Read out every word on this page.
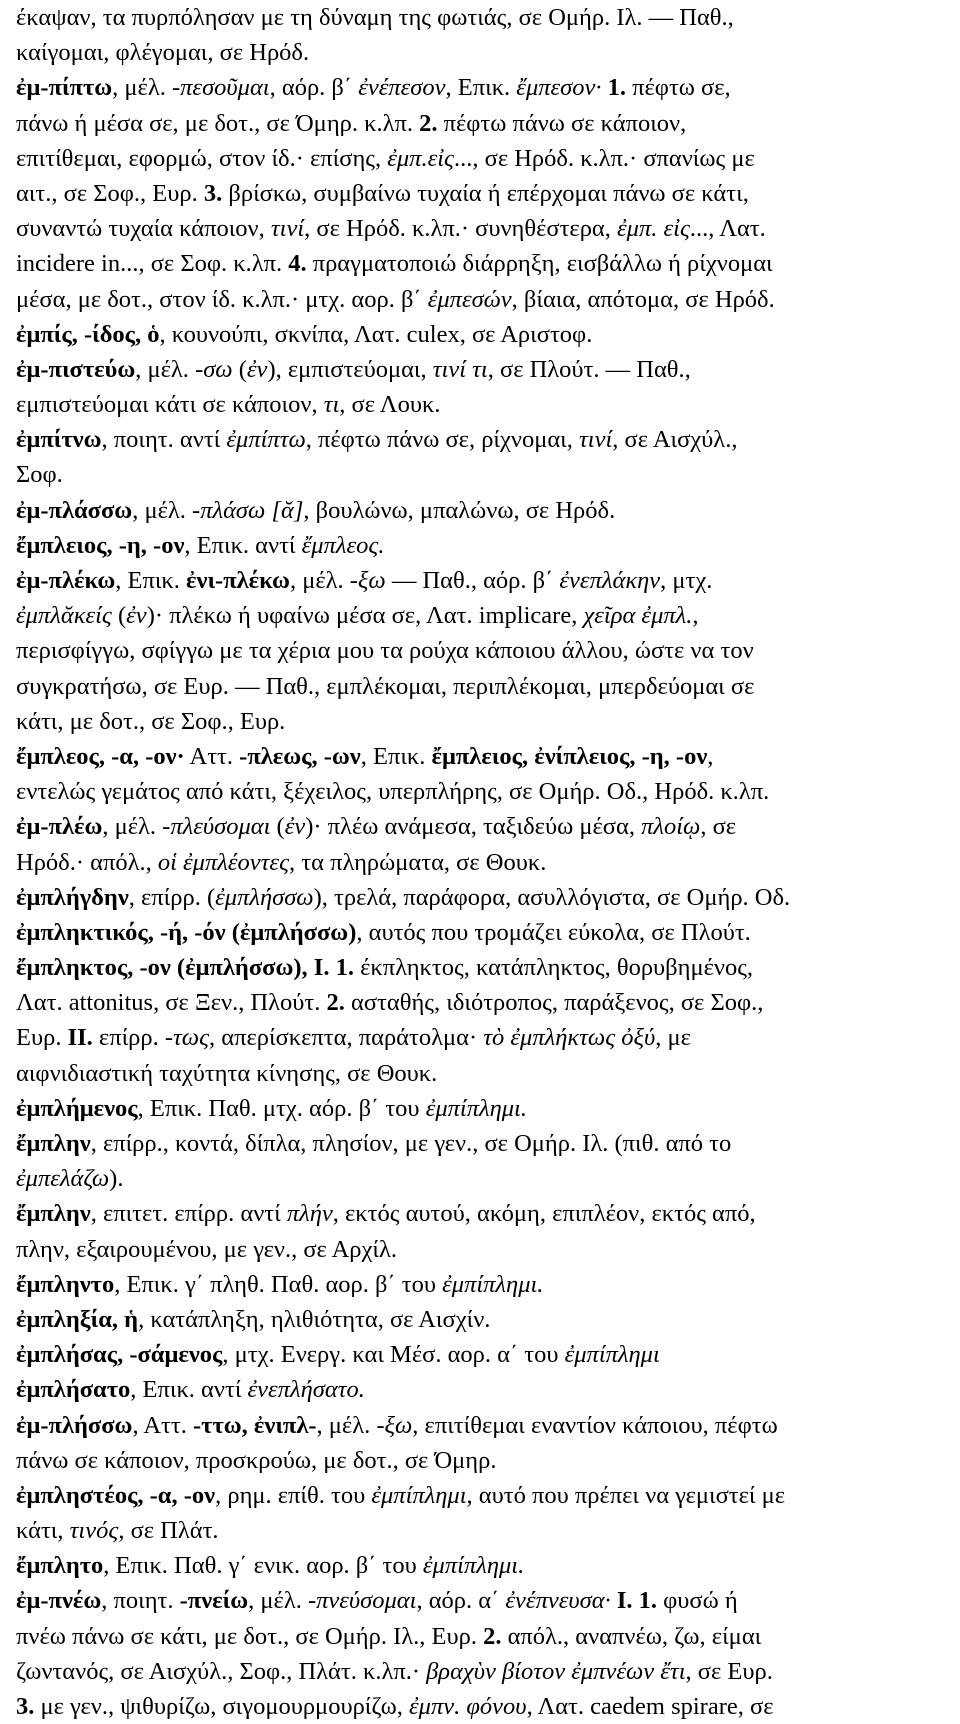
έκαψαν, τα πυρπόλησαν με τη δύναμη της φωτιάς, σε Ομήρ. Ιλ. — Παθ.,
καίγομαι, φλέγομαι, σε Ηρόδ.
ἐμ-πίπτω, μέλ. -πεσοῦμαι, αόρ. β΄ ἐνέπεσον, Επικ. ἔμπεσον· 1. πέφτω σε,
πάνω ή μέσα σε, με δοτ., σε Όμηρ. κ.λπ. 2. πέφτω πάνω σε κάποιον,
επιτίθεμαι, εφορμώ, στον ίδ.· επίσης, ἐμπ.εἰς..., σε Ηρόδ. κ.λπ.· σπανίως με
αιτ., σε Σοφ., Ευρ. 3. βρίσκω, συμβαίνω τυχαία ή επέρχομαι πάνω σε κάτι,
συναντώ τυχαία κάποιον, τινί, σε Ηρόδ. κ.λπ.· συνηθέστερα, ἐμπ. εἰς..., Λατ.
incidere in..., σε Σοφ. κ.λπ. 4. πραγματοποιώ διάρρηξη, εισβάλλω ή ρίχνομαι
μέσα, με δοτ., στον ίδ. κ.λπ.· μτχ. αορ. β΄ ἐμπεσών, βίαια, απότομα, σε Ηρόδ.
ἐμπίς, -ίδος, ὁ, κουνούπι, σκνίπα, Λατ. culex, σε Αριστοφ.
ἐμ-πιστεύω, μέλ. -σω (ἐν), εμπιστεύομαι, τινί τι, σε Πλούτ. — Παθ.,
εμπιστεύομαι κάτι σε κάποιον, τι, σε Λουκ.
ἐμπίτνω, ποιητ. αντί ἐμπίπτω, πέφτω πάνω σε, ρίχνομαι, τινί, σε Αισχύλ.,
Σοφ.
ἐμ-πλάσσω, μέλ. -πλάσω [ᾰ], βουλώνω, μπαλώνω, σε Ηρόδ.
ἔμπλειος, -η, -ον, Επικ. αντί ἔμπλεος.
ἐμ-πλέκω, Επικ. ἐνι-πλέκω, μέλ. -ξω — Παθ., αόρ. β΄ ἐνεπλάκην, μτχ.
ἐμπλᾰκείς (ἐν)· πλέκω ή υφαίνω μέσα σε, Λατ. implicare, χεῖρα ἐμπλ.,
περισφίγγω, σφίγγω με τα χέρια μου τα ρούχα κάποιου άλλου, ώστε να τον
συγκρατήσω, σε Ευρ. — Παθ., εμπλέκομαι, περιπλέκομαι, μπερδεύομαι σε
κάτι, με δοτ., σε Σοφ., Ευρ.
ἔμπλεος, -α, -ον· Αττ. -πλεως, -ων, Επικ. ἔμπλειος, ἐνίπλειος, -η, -ον,
εντελώς γεμάτος από κάτι, ξέχειλος, υπερπλήρης, σε Ομήρ. Οδ., Ηρόδ. κ.λπ.
ἐμ-πλέω, μέλ. -πλεύσομαι (ἐν)· πλέω ανάμεσα, ταξιδεύω μέσα, πλοίῳ, σε
Ηρόδ.· απόλ., οἱ ἐμπλέοντες, τα πληρώματα, σε Θουκ.
ἐμπλήγδην, επίρρ. (ἐμπλήσσω), τρελά, παράφορα, ασυλλόγιστα, σε Ομήρ. Οδ.
ἐμπληκτικός, -ή, -όν (ἐμπλήσσω), αυτός που τρομάζει εύκολα, σε Πλούτ.
ἔμπληκτος, -ον (ἐμπλήσσω), I. 1. έκπληκτος, κατάπληκτος, θορυβημένος,
Λατ. attonitus, σε Ξεν., Πλούτ. 2. ασταθής, ιδιότροπος, παράξενος, σε Σοφ.,
Ευρ. II. επίρρ. -τως, απερίσκεπτα, παράτολμα· τὸ ἐμπλήκτως ὀξύ, με
αιφνιδιαστική ταχύτητα κίνησης, σε Θουκ.
ἐμπλήμενος, Επικ. Παθ. μτχ. αόρ. β΄ του ἐμπίπλημι.
ἔμπλην, επίρρ., κοντά, δίπλα, πλησίον, με γεν., σε Ομήρ. Ιλ. (πιθ. από το
ἐμπελάζω).
ἔμπλην, επιτετ. επίρρ. αντί πλήν, εκτός αυτού, ακόμη, επιπλέον, εκτός από,
πλην, εξαιρουμένου, με γεν., σε Αρχίλ.
ἔμπληντο, Επικ. γ΄ πληθ. Παθ. αορ. β΄ του ἐμπίπλημι.
ἐμπληξία, ἡ, κατάπληξη, ηλιθιότητα, σε Αισχίν.
ἐμπλήσας, -σάμενος, μτχ. Ενεργ. και Μέσ. αορ. α΄ του ἐμπίπλημι
ἐμπλήσατο, Επικ. αντί ἐνεπλήσατο.
ἐμ-πλήσσω, Αττ. -ττω, ἐνιπλ-, μέλ. -ξω, επιτίθεμαι εναντίον κάποιου, πέφτω
πάνω σε κάποιον, προσκρούω, με δοτ., σε Όμηρ.
ἐμπληστέος, -α, -ον, ρημ. επίθ. του ἐμπίπλημι, αυτό που πρέπει να γεμιστεί με
κάτι, τινός, σε Πλάτ.
ἔμπλητο, Επικ. Παθ. γ΄ ενικ. αορ. β΄ του ἐμπίπλημι.
ἐμ-πνέω, ποιητ. -πνείω, μέλ. -πνεύσομαι, αόρ. α΄ ἐνέπνευσα· I. 1. φυσώ ή
πνέω πάνω σε κάτι, με δοτ., σε Ομήρ. Ιλ., Ευρ. 2. απόλ., αναπνέω, ζω, είμαι
ζωντανός, σε Αισχύλ., Σοφ., Πλάτ. κ.λπ.· βραχὺν βίοτον ἐμπνέων ἔτι, σε Ευρ.
3. με γεν., ψιθυρίζω, σιγομουρμουρίζω, ἐμπν. φόνου, Λατ. caedem spirare, σε
